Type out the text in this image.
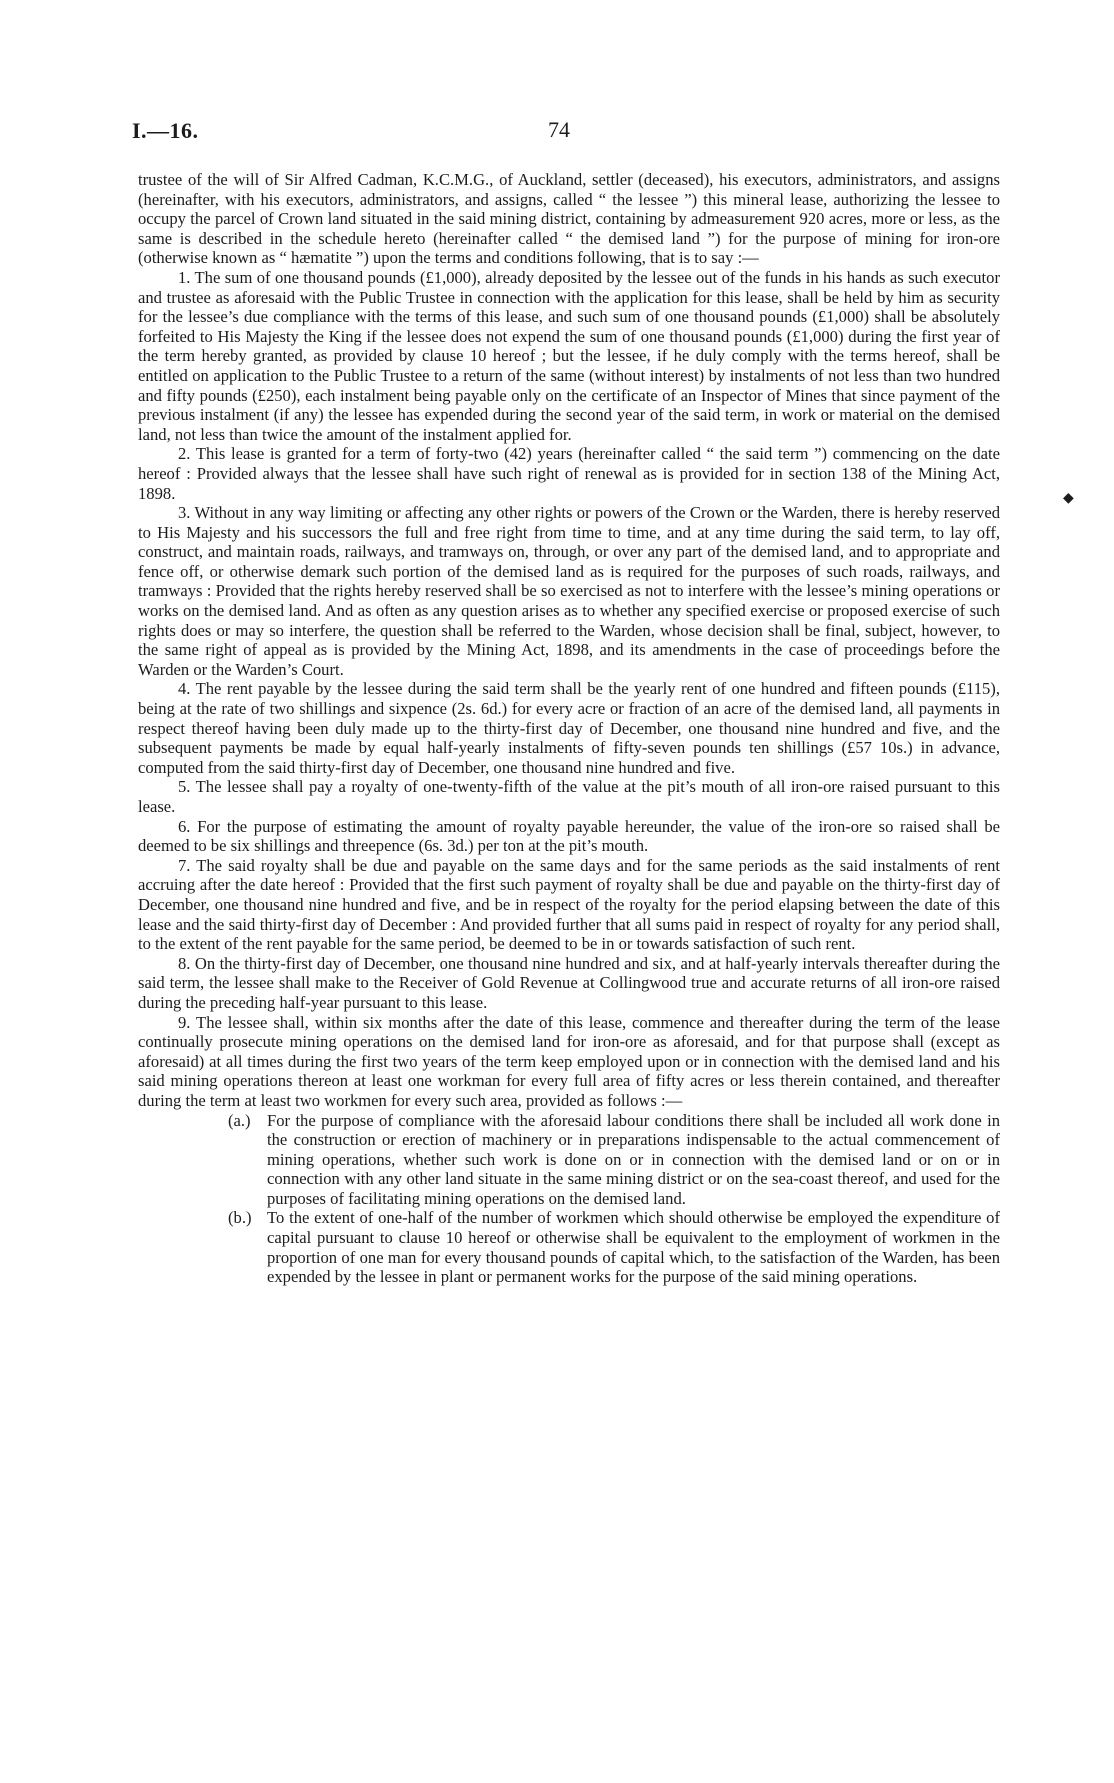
I.—16.	74
◆

trustee of the will of Sir Alfred Cadman, K.C.M.G., of Auckland, settler (deceased), his executors, administrators, and assigns (hereinafter, with his executors, administrators, and assigns, called “ the lessee ”) this mineral lease, authorizing the lessee to occupy the parcel of Crown land situated in the said mining district, containing by admeasurement 920 acres, more or less, as the same is described in the schedule hereto (hereinafter called “ the demised land ”) for the purpose of mining for iron-ore (otherwise known as “ hæmatite ”) upon the terms and conditions following, that is to say :—

1. The sum of one thousand pounds (£1,000), already deposited by the lessee out of the funds in his hands as such executor and trustee as aforesaid with the Public Trustee in connection with the application for this lease, shall be held by him as security for the lessee’s due compliance with the terms of this lease, and such sum of one thousand pounds (£1,000) shall be absolutely forfeited to His Majesty the King if the lessee does not expend the sum of one thousand pounds (£1,000) during the first year of the term hereby granted, as provided by clause 10 hereof ; but the lessee, if he duly comply with the terms hereof, shall be entitled on application to the Public Trustee to a return of the same (without interest) by instalments of not less than two hundred and fifty pounds (£250), each instalment being payable only on the certificate of an Inspector of Mines that since payment of the previous instalment (if any) the lessee has expended during the second year of the said term, in work or material on the demised land, not less than twice the amount of the instalment applied for.

2. This lease is granted for a term of forty-two (42) years (hereinafter called “ the said term ”) commencing on the date hereof : Provided always that the lessee shall have such right of renewal as is provided for in section 138 of the Mining Act, 1898.

3. Without in any way limiting or affecting any other rights or powers of the Crown or the Warden, there is hereby reserved to His Majesty and his successors the full and free right from time to time, and at any time during the said term, to lay off, construct, and maintain roads, railways, and tramways on, through, or over any part of the demised land, and to appropriate and fence off, or otherwise demark such portion of the demised land as is required for the purposes of such roads, railways, and tramways : Provided that the rights hereby reserved shall be so exercised as not to interfere with the lessee’s mining operations or works on the demised land. And as often as any question arises as to whether any specified exercise or proposed exercise of such rights does or may so interfere, the question shall be referred to the Warden, whose decision shall be final, subject, however, to the same right of appeal as is provided by the Mining Act, 1898, and its amendments in the case of proceedings before the Warden or the Warden’s Court.

4. The rent payable by the lessee during the said term shall be the yearly rent of one hundred and fifteen pounds (£115), being at the rate of two shillings and sixpence (2s. 6d.) for every acre or fraction of an acre of the demised land, all payments in respect thereof having been duly made up to the thirty-first day of December, one thousand nine hundred and five, and the subsequent payments be made by equal half-yearly instalments of fifty-seven pounds ten shillings (£57 10s.) in advance, computed from the said thirty-first day of December, one thousand nine hundred and five.

5. The lessee shall pay a royalty of one-twenty-fifth of the value at the pit’s mouth of all iron-ore raised pursuant to this lease.

6. For the purpose of estimating the amount of royalty payable hereunder, the value of the iron-ore so raised shall be deemed to be six shillings and threepence (6s. 3d.) per ton at the pit’s mouth.

7. The said royalty shall be due and payable on the same days and for the same periods as the said instalments of rent accruing after the date hereof : Provided that the first such payment of royalty shall be due and payable on the thirty-first day of December, one thousand nine hundred and five, and be in respect of the royalty for the period elapsing between the date of this lease and the said thirty-first day of December : And provided further that all sums paid in respect of royalty for any period shall, to the extent of the rent payable for the same period, be deemed to be in or towards satisfaction of such rent.

8. On the thirty-first day of December, one thousand nine hundred and six, and at half-yearly intervals thereafter during the said term, the lessee shall make to the Receiver of Gold Revenue at Collingwood true and accurate returns of all iron-ore raised during the preceding half-year pursuant to this lease.

9. The lessee shall, within six months after the date of this lease, commence and thereafter during the term of the lease continually prosecute mining operations on the demised land for iron-ore as aforesaid, and for that purpose shall (except as aforesaid) at all times during the first two years of the term keep employed upon or in connection with the demised land and his said mining operations thereon at least one workman for every full area of fifty acres or less therein contained, and thereafter during the term at least two workmen for every such area, provided as follows :—

(a.) For the purpose of compliance with the aforesaid labour conditions there shall be included all work done in the construction or erection of machinery or in preparations indispensable to the actual commencement of mining operations, whether such work is done on or in connection with the demised land or on or in connection with any other land situate in the same mining district or on the sea-coast thereof, and used for the purposes of facilitating mining operations on the demised land.
(b.) To the extent of one-half of the number of workmen which should otherwise be employed the expenditure of capital pursuant to clause 10 hereof or otherwise shall be equivalent to the employment of workmen in the proportion of one man for every thousand pounds of capital which, to the satisfaction of the Warden, has been expended by the lessee in plant or permanent works for the purpose of the said mining operations.
